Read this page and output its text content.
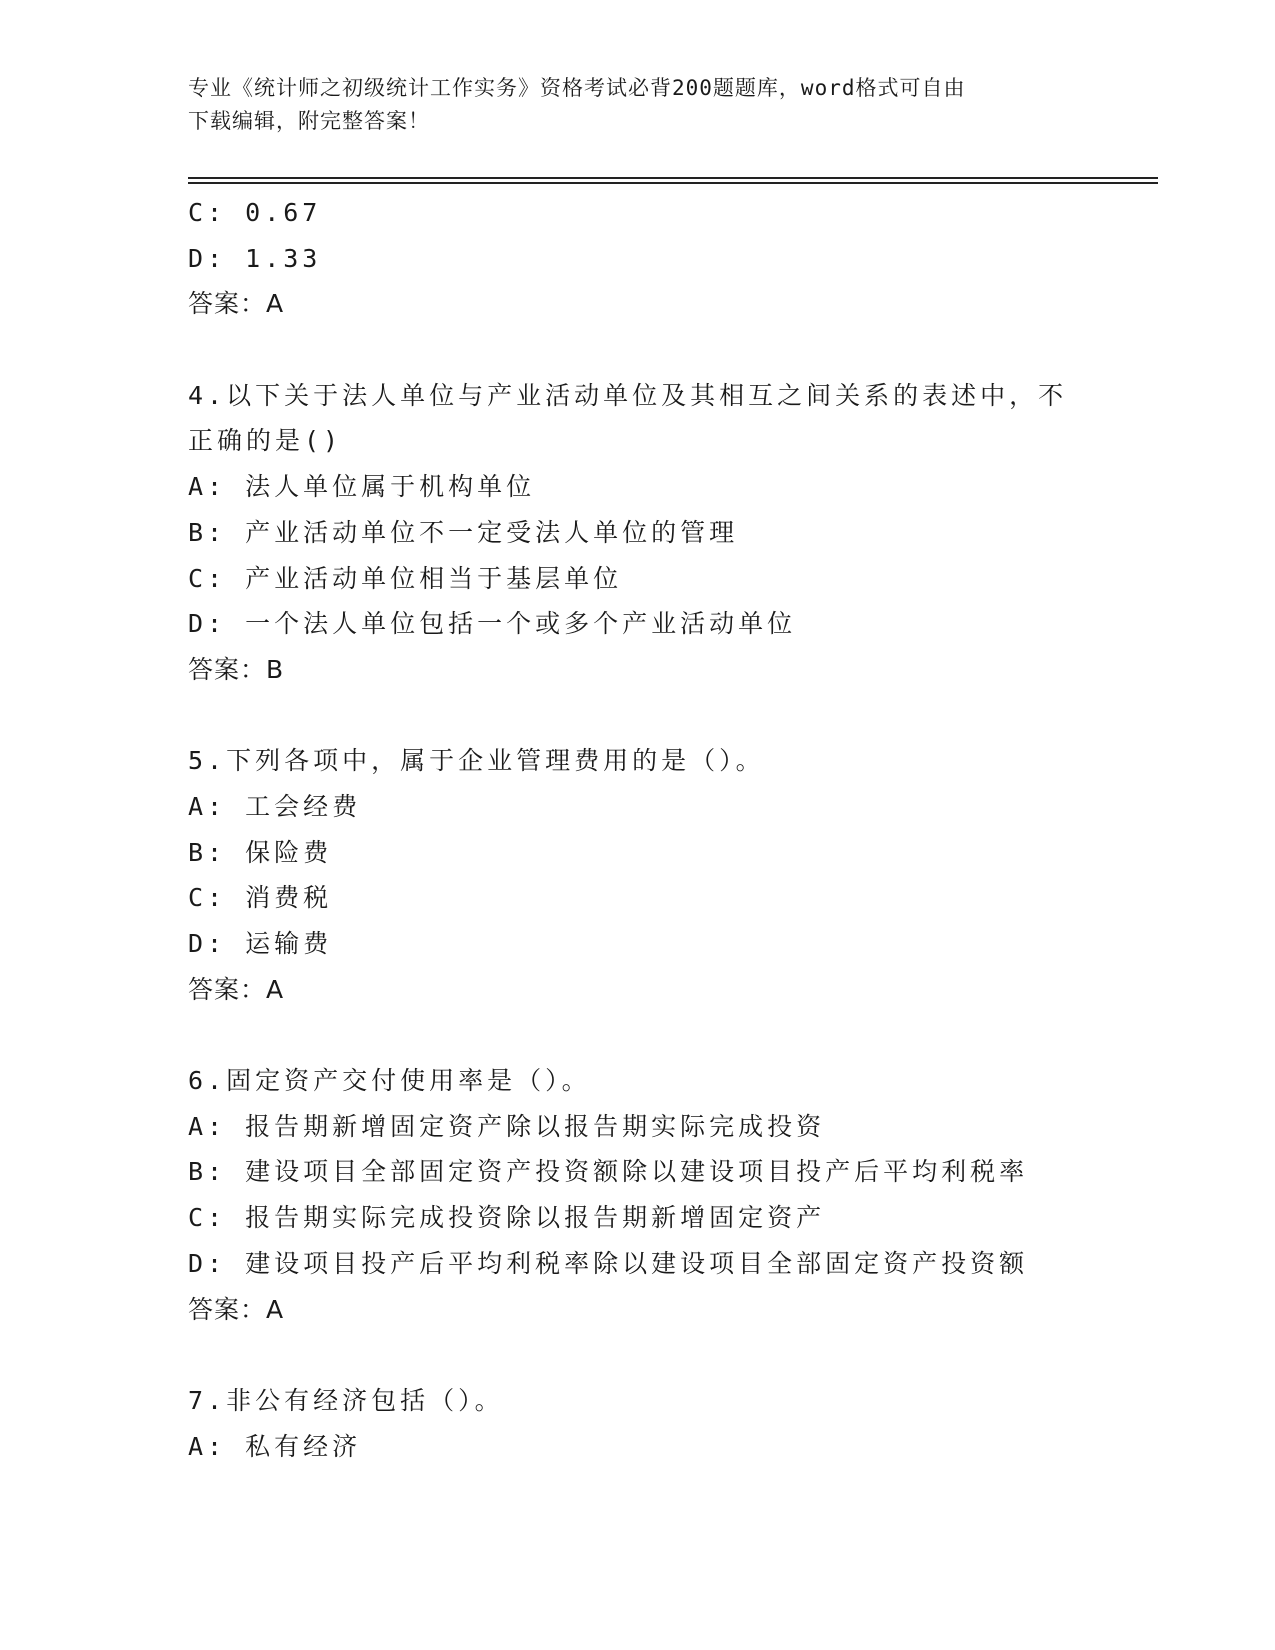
专业《统计师之初级统计工作实务》资格考试必背200题题库，word格式可自由
下载编辑，附完整答案！
C: 0.67
D: 1.33
答案：A
4.以下关于法人单位与产业活动单位及其相互之间关系的表述中，不
正确的是()
A: 法人单位属于机构单位
B: 产业活动单位不一定受法人单位的管理
C: 产业活动单位相当于基层单位
D: 一个法人单位包括一个或多个产业活动单位
答案：B
5.下列各项中，属于企业管理费用的是（）。
A: 工会经费
B: 保险费
C: 消费税
D: 运输费
答案：A
6.固定资产交付使用率是（）。
A: 报告期新增固定资产除以报告期实际完成投资
B: 建设项目全部固定资产投资额除以建设项目投产后平均利税率
C: 报告期实际完成投资除以报告期新增固定资产
D: 建设项目投产后平均利税率除以建设项目全部固定资产投资额
答案：A
7.非公有经济包括（）。
A: 私有经济
